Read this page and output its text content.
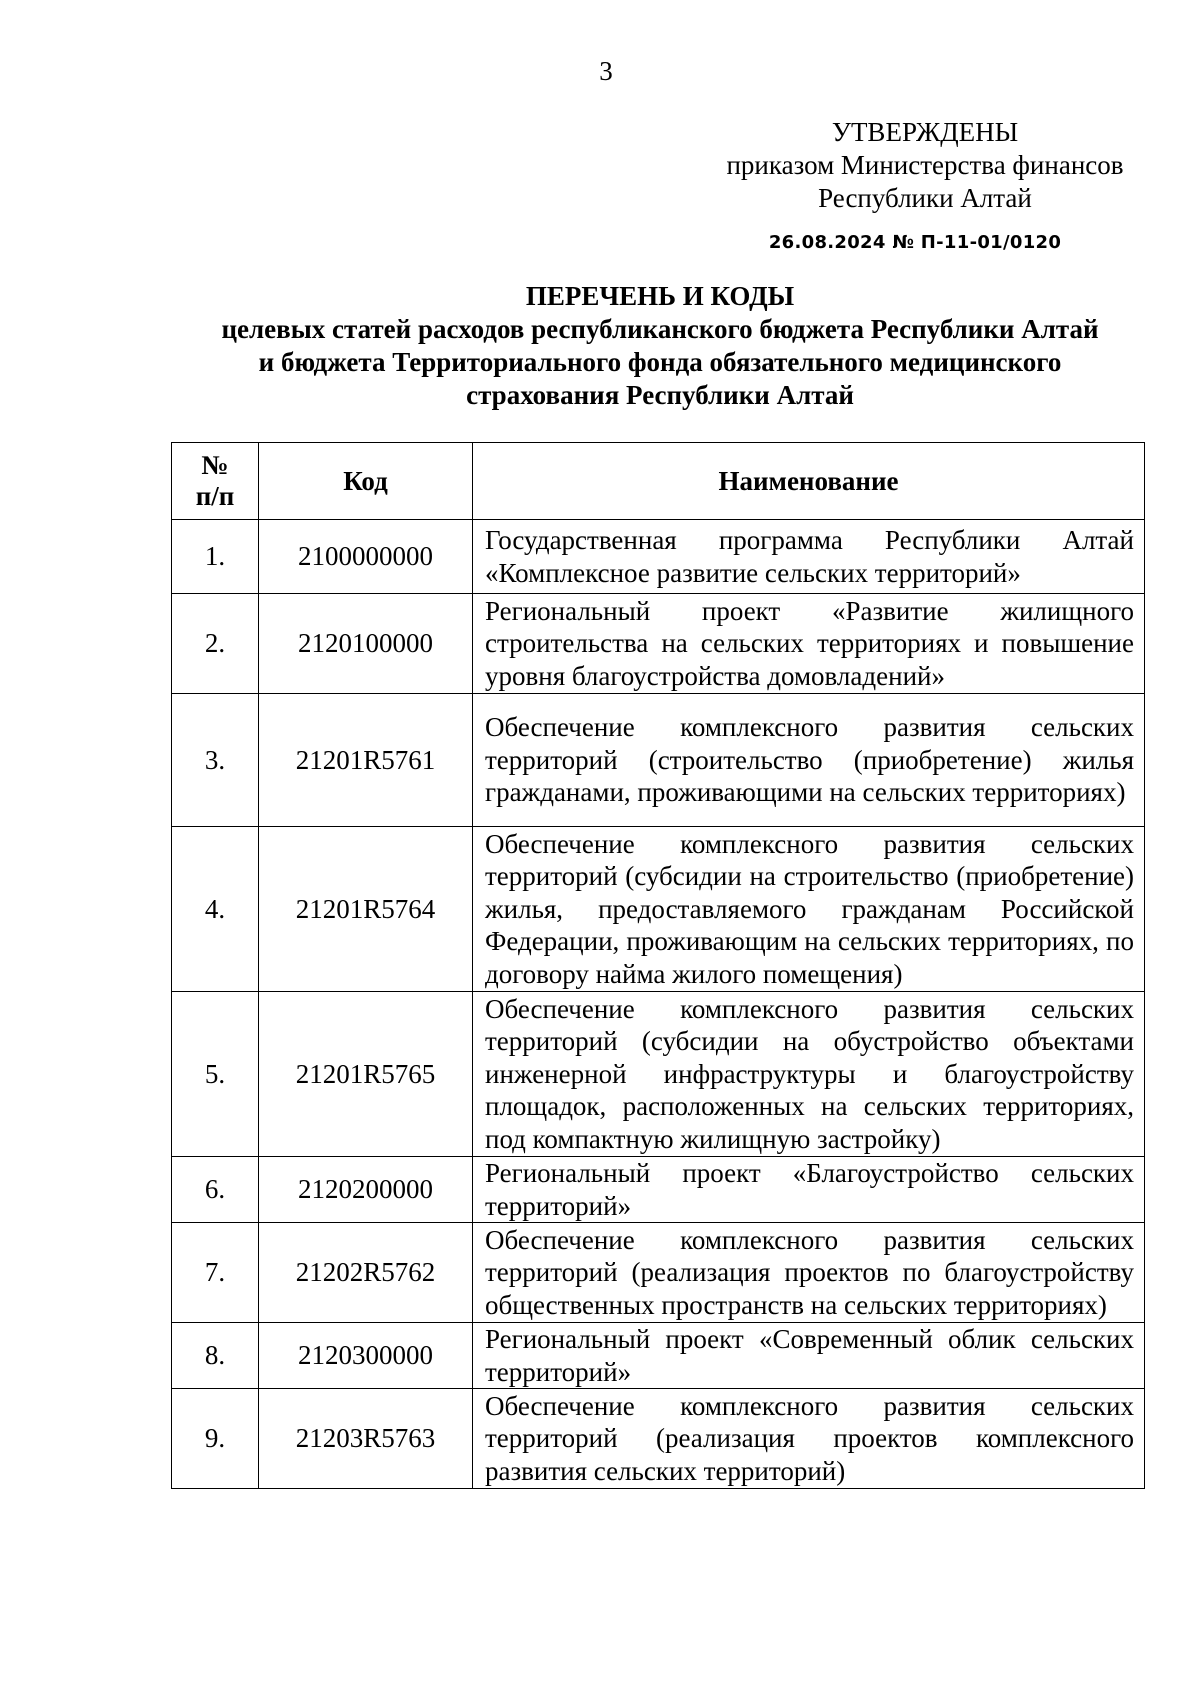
3
УТВЕРЖДЕНЫ
приказом Министерства финансов
Республики Алтай
26.08.2024 № П-11-01/0120
ПЕРЕЧЕНЬ И КОДЫ
целевых статей расходов республиканского бюджета Республики Алтай
и бюджета Территориального фонда обязательного медицинского
страхования Республики Алтай
№
п/п	Код	Наименование
1.	2100000000	Государственная программа Республики Алтай «Комплексное развитие сельских территорий»
2.	2120100000	Региональный проект «Развитие жилищного строительства на сельских территориях и повышение уровня благоустройства домовладений»
3.	21201R5761	Обеспечение комплексного развития сельских территорий (строительство (приобретение) жилья гражданами, проживающими на сельских территориях)
4.	21201R5764	Обеспечение комплексного развития сельских территорий (субсидии на строительство (приобретение) жилья, предоставляемого гражданам Российской Федерации, проживающим на сельских территориях, по договору найма жилого помещения)
5.	21201R5765	Обеспечение комплексного развития сельских территорий (субсидии на обустройство объектами инженерной инфраструктуры и благоустройству площадок, расположенных на сельских территориях, под компактную жилищную застройку)
6.	2120200000	Региональный проект «Благоустройство сельских территорий»
7.	21202R5762	Обеспечение комплексного развития сельских территорий (реализация проектов по благоустройству общественных пространств на сельских территориях)
8.	2120300000	Региональный проект «Современный облик сельских территорий»
9.	21203R5763	Обеспечение комплексного развития сельских территорий (реализация проектов комплексного развития сельских территорий)
